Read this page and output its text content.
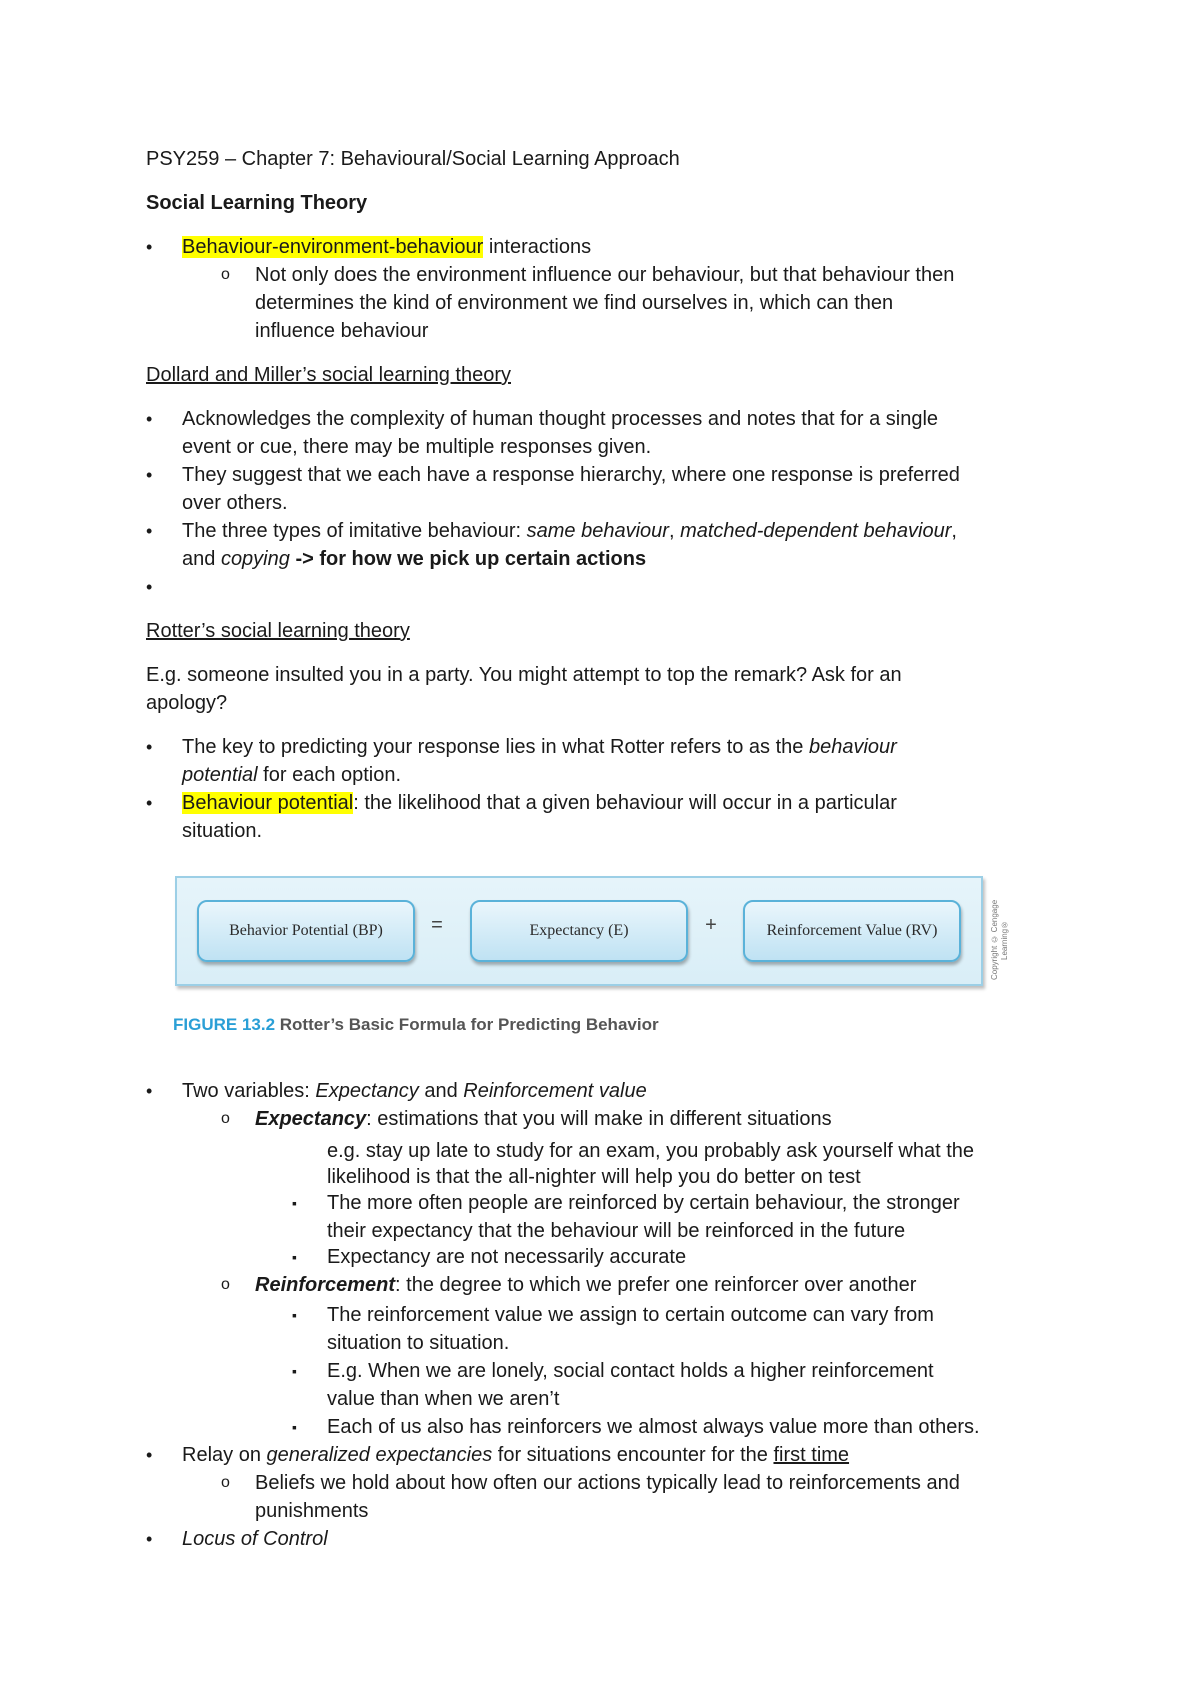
PSY259 – Chapter 7: Behavioural/Social Learning Approach
Social Learning Theory
• Behaviour-environment-behaviour interactions
o Not only does the environment influence our behaviour, but that behaviour then
determines the kind of environment we find ourselves in, which can then
influence behaviour
Dollard and Miller’s social learning theory
• Acknowledges the complexity of human thought processes and notes that for a single
event or cue, there may be multiple responses given.
• They suggest that we each have a response hierarchy, where one response is preferred
over others.
• The three types of imitative behaviour: same behaviour, matched-dependent behaviour,
and copying -> for how we pick up certain actions
•
Rotter’s social learning theory
E.g. someone insulted you in a party. You might attempt to top the remark? Ask for an
apology?
• The key to predicting your response lies in what Rotter refers to as the behaviour
potential for each option.
• Behaviour potential: the likelihood that a given behaviour will occur in a particular
situation.
Behavior Potential (BP)	=	Expectancy (E)	+	Reinforcement Value (RV)	Copyright © Cengage Learning®
FIGURE 13.2 Rotter’s Basic Formula for Predicting Behavior
• Two variables: Expectancy and Reinforcement value
o Expectancy: estimations that you will make in different situations
e.g. stay up late to study for an exam, you probably ask yourself what the
likelihood is that the all-nighter will help you do better on test
▪ The more often people are reinforced by certain behaviour, the stronger
their expectancy that the behaviour will be reinforced in the future
▪ Expectancy are not necessarily accurate
o Reinforcement: the degree to which we prefer one reinforcer over another
▪ The reinforcement value we assign to certain outcome can vary from
situation to situation.
▪ E.g. When we are lonely, social contact holds a higher reinforcement
value than when we aren’t
▪ Each of us also has reinforcers we almost always value more than others.
• Relay on generalized expectancies for situations encounter for the first time
o Beliefs we hold about how often our actions typically lead to reinforcements and
punishments
• Locus of Control
